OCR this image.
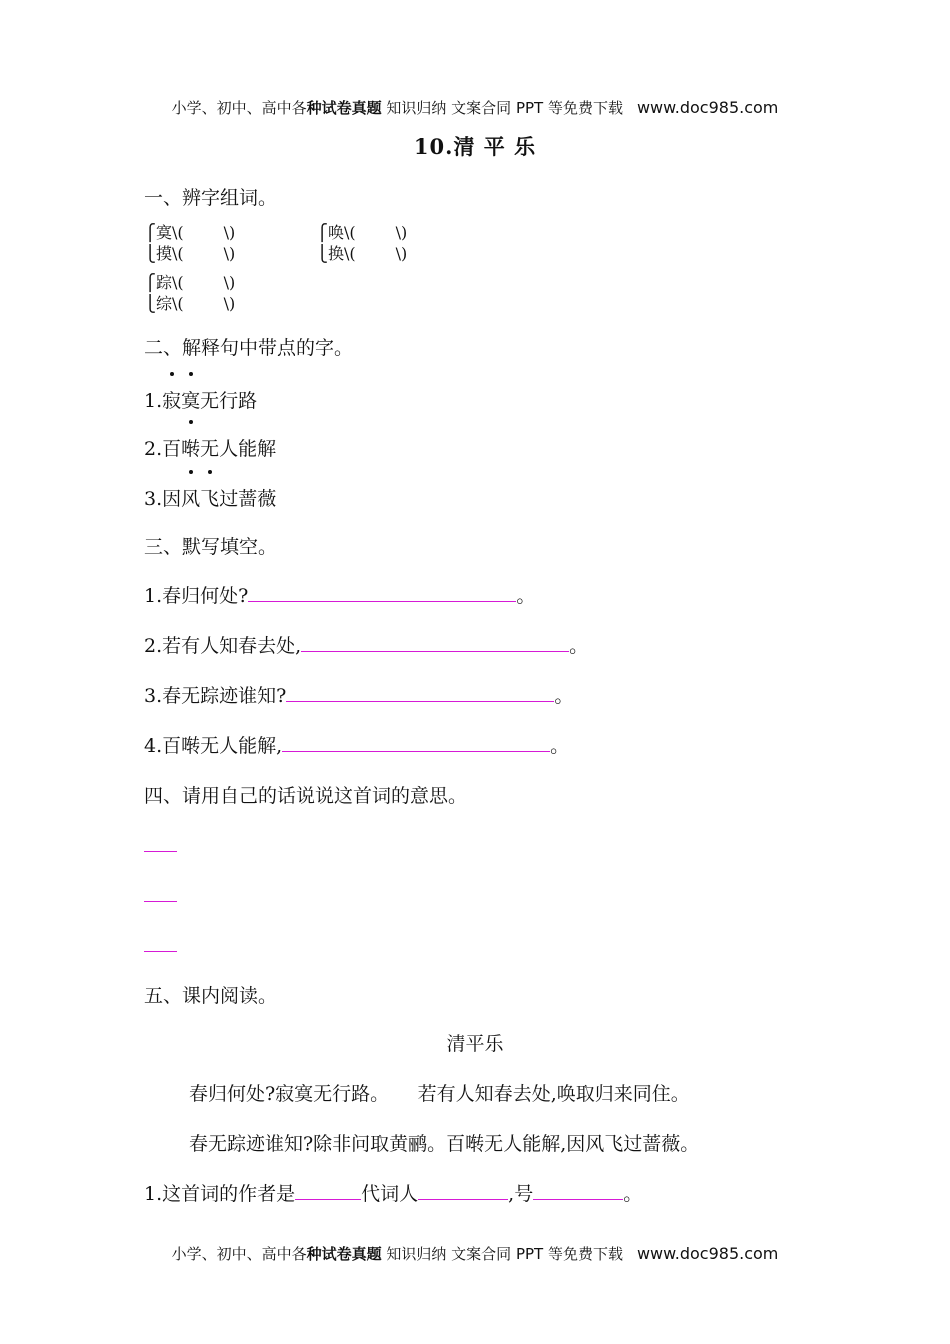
小学、初中、高中各种试卷真题 知识归纳 文案合同 PPT 等免费下载 www.doc985.com
10.清 平 乐
一、辨字组词。
⎧寞\(	\)
⎩摸\(	\)
⎧唤\(	\)
⎩换\(	\)
⎧踪\(	\)
⎩综\(	\)
二、解释句中带点的字。
1.寂寞无行路
2.百啭无人能解
3.因风飞过蔷薇
三、默写填空。
1.春归何处?	。
2.若有人知春去处,	。
3.春无踪迹谁知?	。
4.百啭无人能解,	。
四、请用自己的话说说这首词的意思。
五、课内阅读。
清平乐
春归何处?寂寞无行路。　　若有人知春去处,唤取归来同住。
春无踪迹谁知?除非问取黄鹂。百啭无人能解,因风飞过蔷薇。
1.这首词的作者是	代词人	,号	。
小学、初中、高中各种试卷真题 知识归纳 文案合同 PPT 等免费下载 www.doc985.com
